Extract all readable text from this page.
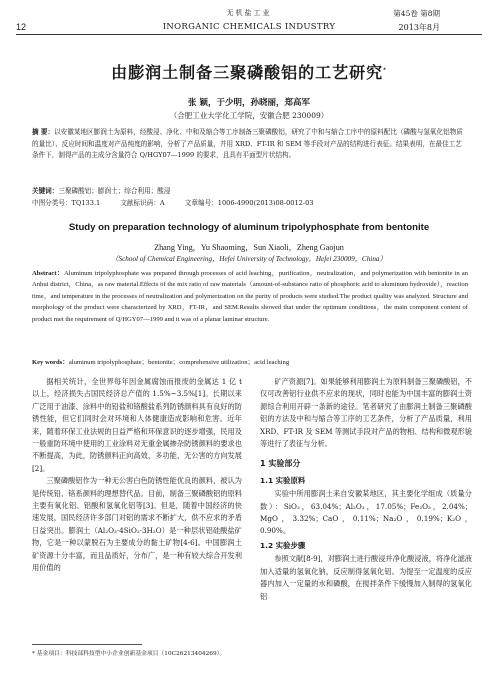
无机盐工业
12	INORGANIC CHEMICALS INDUSTRY
第45卷 第8期
2013年8月
由膨润土制备三聚磷酸铝的工艺研究*
张 颖，于少明，孙晓丽，郑高军
（合肥工业大学化工学院，安徽合肥 230009）
摘 要：以安徽某地区膨润土为原料，经酸浸、净化、中和及缩合等工序制备三聚磷酸铝，研究了中和与缩合工序中的原料配比（磷酸与氢氧化铝物质的量比）、反应时间和温度对产品纯度的影响，分析了产品质量，并用 XRD、FT-IR 和 SEM 等手段对产品的结构进行表征。结果表明，在最佳工艺条件下，制得产品的主成分含量符合 Q/HGY07—1999 的要求，且具有平面型片状结构。
关键词：三聚磷酸铝；膨润土；综合利用；酸浸
中图分类号：TQ133.1	文献标识码：A	文章编号：1006-4990(2013)08-0012-03
Study on preparation technology of aluminum tripolyphosphate from bentonite
Zhang Ying，Yu Shaoming，Sun Xiaoli，Zheng Gaojun
（School of Chemical Engineering，Hefei University of Technology，Hefei 230009，China）
Abstract：Aluminum tripolyphosphate was prepared through processes of acid leaching，purification，neutralization，and polymerization with bentonite in an Anhui district，China，as raw material.Effects of the mix ratio of raw materials（amount-of-substance ratio of phosphoric acid to aluminum hydroxide），reaction time，and temperature in the processes of neutralization and polymerization on the purity of products were studied.The product quality was analyzed. Structure and morphology of the product were characterized by XRD，FT-IR，and SEM.Results showed that under the optimum conditions，the main component content of product met the requirement of Q/HGY07—1999 and it was of a planar laminar structure.
Key words：aluminum tripolyphosphate；bentonite；comprehensive utilization；acid leaching

据相关统计，全世界每年因金属腐蚀而报废的金属达 1 亿 t 以上，经济损失占国民经济总产值的 1.5%~3.5%[1]。长期以来广泛用于油漆、涂料中的铅盐和铬酸盐系列防锈颜料具有良好的防锈性能，但它们同时会对环境和人体健康造成影响和危害。近年来，随着环保工业法规的日益严格和环保意识的逐步增强，民用及一般重防环境中使用的工业涂料对无重金属掺杂防锈颜料的要求也不断提高，为此，防锈颜料正向高效、多功能、无公害的方向发展[2]。

三聚磷酸铝作为一种无公害白色防锈性能优良的颜料，被认为是传统铅、铬系颜料的理想替代品。目前，制备三聚磷酸铝的原料主要有氧化铝、铝酸和氢氧化铝等[3]。但是，随着中国经济的快速发展，国民经济许多部门对铝的需求不断扩大，供不应求的矛盾日益突出。膨润土（Al₂O₃·4SiO₂·3H₂O）是一种层状铝硅酸盐矿物，它是一种以蒙脱石为主要成分的黏土矿物[4-6]。中国膨润土矿资源十分丰富，而且品质好，分布广，是一种有较大综合开发利用价值的

矿产资源[7]。如果能够利用膨润土为原料制备三聚磷酸铝，不仅可改善铝行业供不应求的现状，同时也能为中国丰富的膨润土资源综合利用开辟一条新的途径。笔者研究了由膨润土制备三聚磷酸铝的方法及中和与缩合等工序的工艺条件，分析了产品质量，利用 XRD、FT-IR 及 SEM 等测试手段对产品的物相、结构和微观形貌等进行了表征与分析。

1 实验部分
1.1 实验原料

实验中所用膨润土来自安徽某地区，其主要化学组成（质量分数）：SiO₂，63.04%；Al₂O₃，17.05%；Fe₂O₃，2.04%；MgO，3.32%；CaO，0.11%；Na₂O，0.19%；K₂O，0.90%。

1.2 实验步骤

参照文献[8-9]，对膨润土进行酸浸并净化酸浸液，将净化滤液加入适量的氢氧化钠，反应制得氢氧化铝。为提至一定温度的反应器内加入一定量的水和磷酸，在搅拌条件下缓慢加入制得的氢氧化铝

* 基金项目：科技部科技型中小企业创新基金项目（10C26213404269）。
